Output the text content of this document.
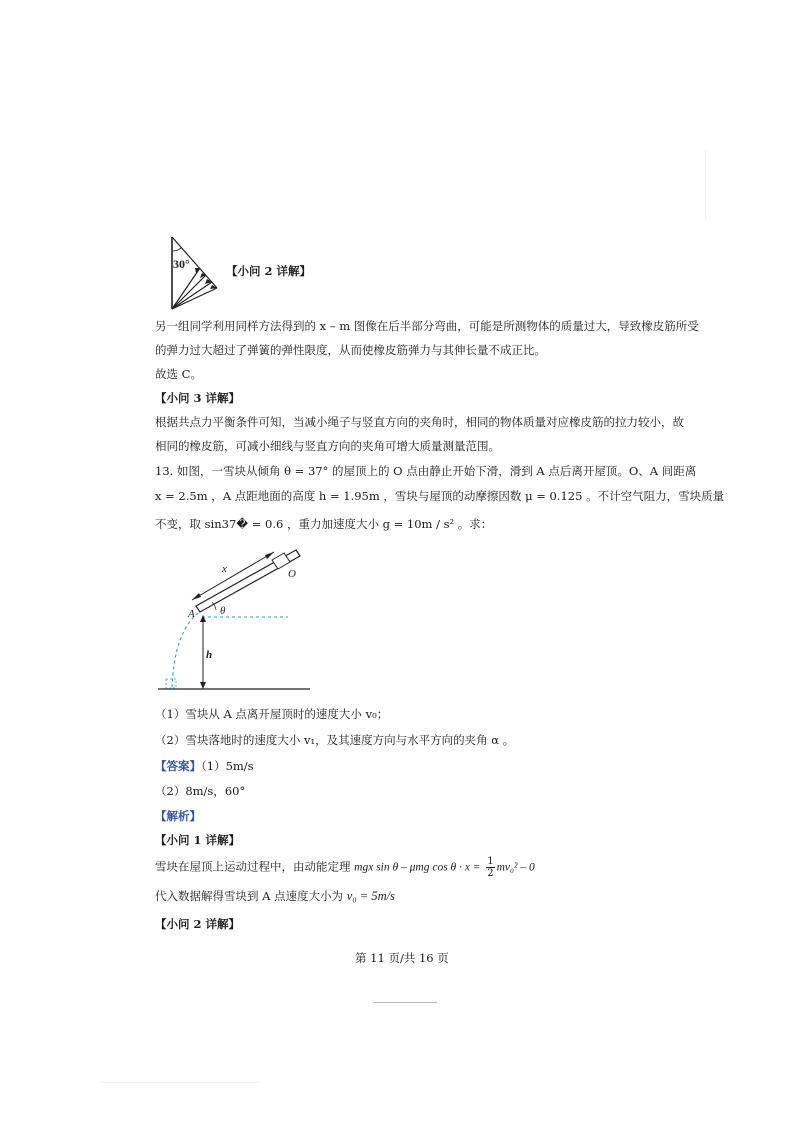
30°	【小问 2 详解】
另一组同学利用同样方法得到的 x – m 图像在后半部分弯曲，可能是所测物体的质量过大，导致橡皮筋所受
的弹力过大超过了弹簧的弹性限度，从而使橡皮筋弹力与其伸长量不成正比。
故选 C。
【小问 3 详解】
根据共点力平衡条件可知，当减小绳子与竖直方向的夹角时，相同的物体质量对应橡皮筋的拉力较小，故
相同的橡皮筋，可减小细线与竖直方向的夹角可增大质量测量范围。
13. 如图，一雪块从倾角 θ = 37° 的屋顶上的 O 点由静止开始下滑，滑到 A 点后离开屋顶。O、A 间距离
x = 2.5m ，A 点距地面的高度 h = 1.95m ，雪块与屋顶的动摩擦因数 μ = 0.125 。不计空气阻力，雪块质量
不变，取 sin37� = 0.6 ，重力加速度大小 g = 10m / s² 。求：
x	O
A θ
h
（1）雪块从 A 点离开屋顶时的速度大小 v₀；
（2）雪块落地时的速度大小 v₁，及其速度方向与水平方向的夹角 α 。
【答案】（1）5m/s
（2）8m/s，60°
【解析】
【小问 1 详解】
雪块在屋顶上运动过程中，由动能定理 mgx sin θ – μmg $\cos \theta \cdot x = \frac{1}{2} mv_0^2 - 0$
代入数据解得雪块到 A 点速度大小为 v₀ = 5m/s
【小问 2 详解】
第 11 页/共 16 页
